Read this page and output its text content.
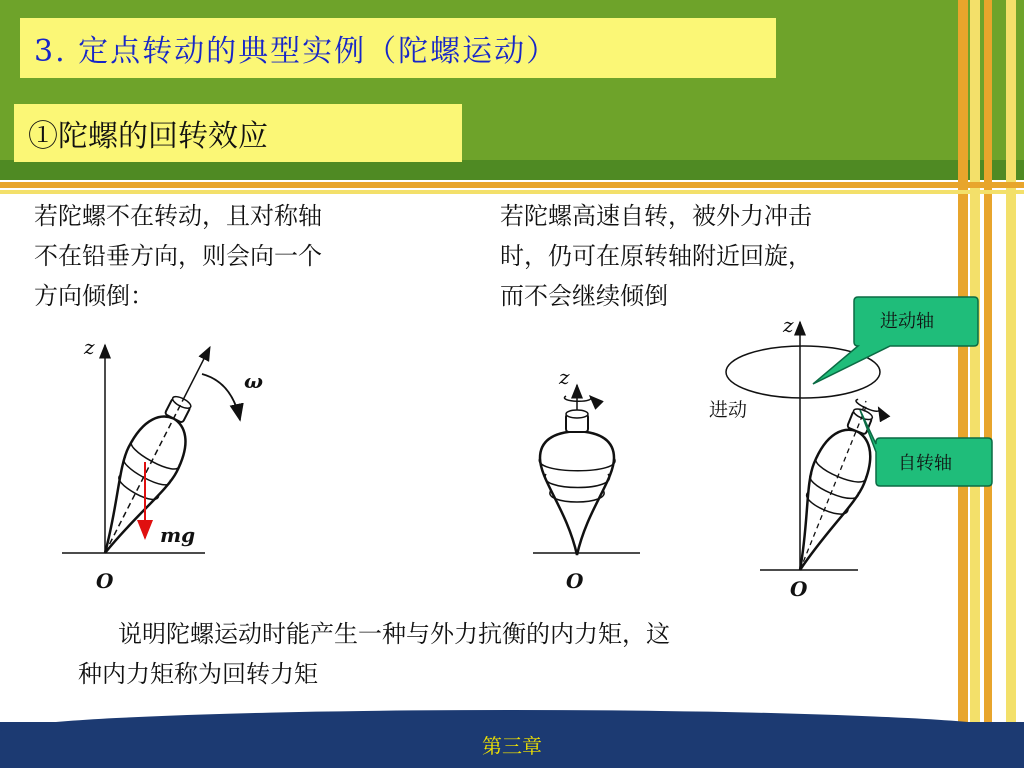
3. 定点转动的典型实例（陀螺运动）
①陀螺的回转效应
若陀螺不在转动，且对称轴
不在铅垂方向，则会向一个
方向倾倒：
若陀螺高速自转，被外力冲击
时，仍可在原转轴附近回旋，
而不会继续倾倒
z
mg
ω
O
z
O
z
进动
O
进动轴
自转轴
说明陀螺运动时能产生一种与外力抗衡的内力矩，这
种内力矩称为回转力矩
第三章
